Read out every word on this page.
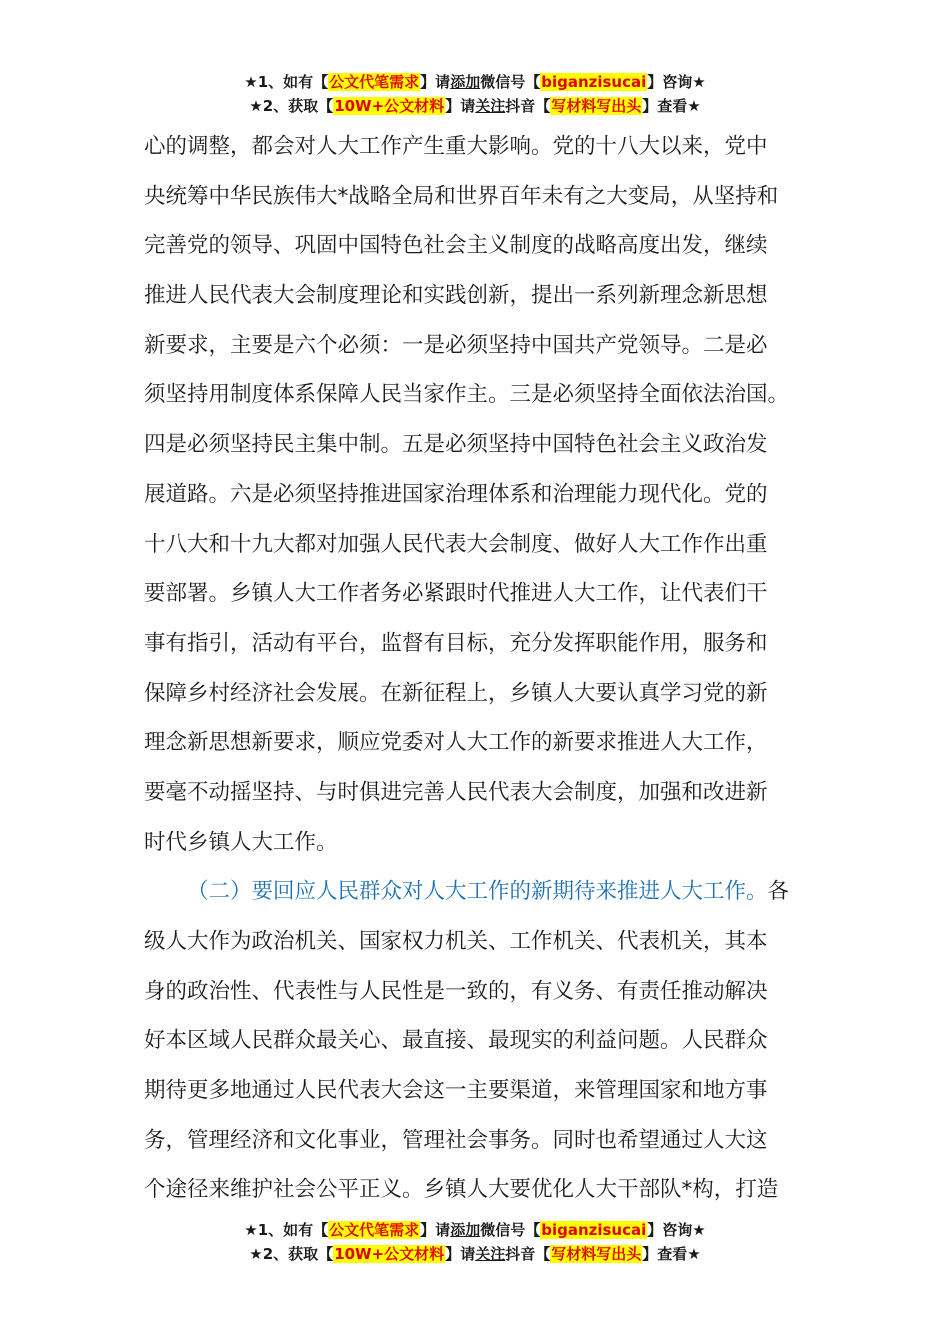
★1、如有【公文代笔需求】请添加微信号【biganzisucai】咨询★
★2、获取【10W+公文材料】请关注抖音【写材料写出头】查看★
心的调整，都会对人大工作产生重大影响。党的十八大以来，党中
央统筹中华民族伟大*战略全局和世界百年未有之大变局，从坚持和
完善党的领导、巩固中国特色社会主义制度的战略高度出发，继续
推进人民代表大会制度理论和实践创新，提出一系列新理念新思想
新要求，主要是六个必须：一是必须坚持中国共产党领导。二是必
须坚持用制度体系保障人民当家作主。三是必须坚持全面依法治国。
四是必须坚持民主集中制。五是必须坚持中国特色社会主义政治发
展道路。六是必须坚持推进国家治理体系和治理能力现代化。党的
十八大和十九大都对加强人民代表大会制度、做好人大工作作出重
要部署。乡镇人大工作者务必紧跟时代推进人大工作，让代表们干
事有指引，活动有平台，监督有目标，充分发挥职能作用，服务和
保障乡村经济社会发展。在新征程上，乡镇人大要认真学习党的新
理念新思想新要求，顺应党委对人大工作的新要求推进人大工作，
要毫不动摇坚持、与时俱进完善人民代表大会制度，加强和改进新
时代乡镇人大工作。
（二）要回应人民群众对人大工作的新期待来推进人大工作。各
级人大作为政治机关、国家权力机关、工作机关、代表机关，其本
身的政治性、代表性与人民性是一致的，有义务、有责任推动解决
好本区域人民群众最关心、最直接、最现实的利益问题。人民群众
期待更多地通过人民代表大会这一主要渠道，来管理国家和地方事
务，管理经济和文化事业，管理社会事务。同时也希望通过人大这
个途径来维护社会公平正义。乡镇人大要优化人大干部队*构，打造
★1、如有【公文代笔需求】请添加微信号【biganzisucai】咨询★
★2、获取【10W+公文材料】请关注抖音【写材料写出头】查看★
